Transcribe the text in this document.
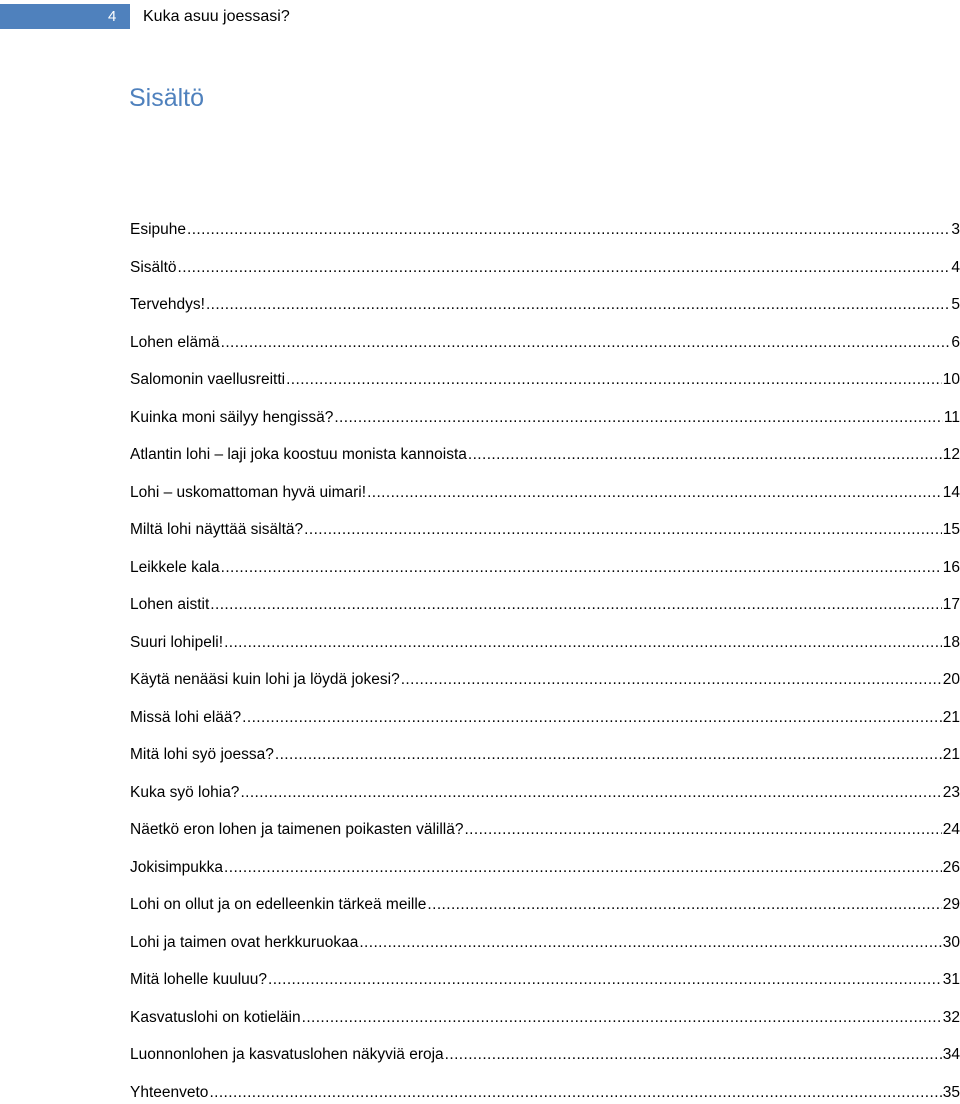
4 Kuka asuu joessasi?
Sisältö
Esipuhe .....	3
Sisältö .....	4
Tervehdys! .....	5
Lohen elämä .....	6
Salomonin vaellusreitti .....	10
Kuinka moni säilyy hengissä? .....	11
Atlantin lohi – laji joka koostuu monista kannoista .....	12
Lohi – uskomattoman hyvä uimari! .....	14
Miltä lohi näyttää sisältä? .....	15
Leikkele kala .....	16
Lohen aistit .....	17
Suuri lohipeli! .....	18
Käytä nenääsi kuin lohi ja löydä jokesi? .....	20
Missä lohi elää? .....	21
Mitä lohi syö joessa? .....	21
Kuka syö lohia? .....	23
Näetkö eron lohen ja taimenen poikasten välillä? .....	24
Jokisimpukka .....	26
Lohi on ollut ja on edelleenkin tärkeä meille .....	29
Lohi ja taimen ovat herkkuruokaa .....	30
Mitä lohelle kuuluu? .....	31
Kasvatuslohi on kotieläin .....	32
Luonnonlohen ja kasvatuslohen näkyviä eroja .....	34
Yhteenveto .....	35
